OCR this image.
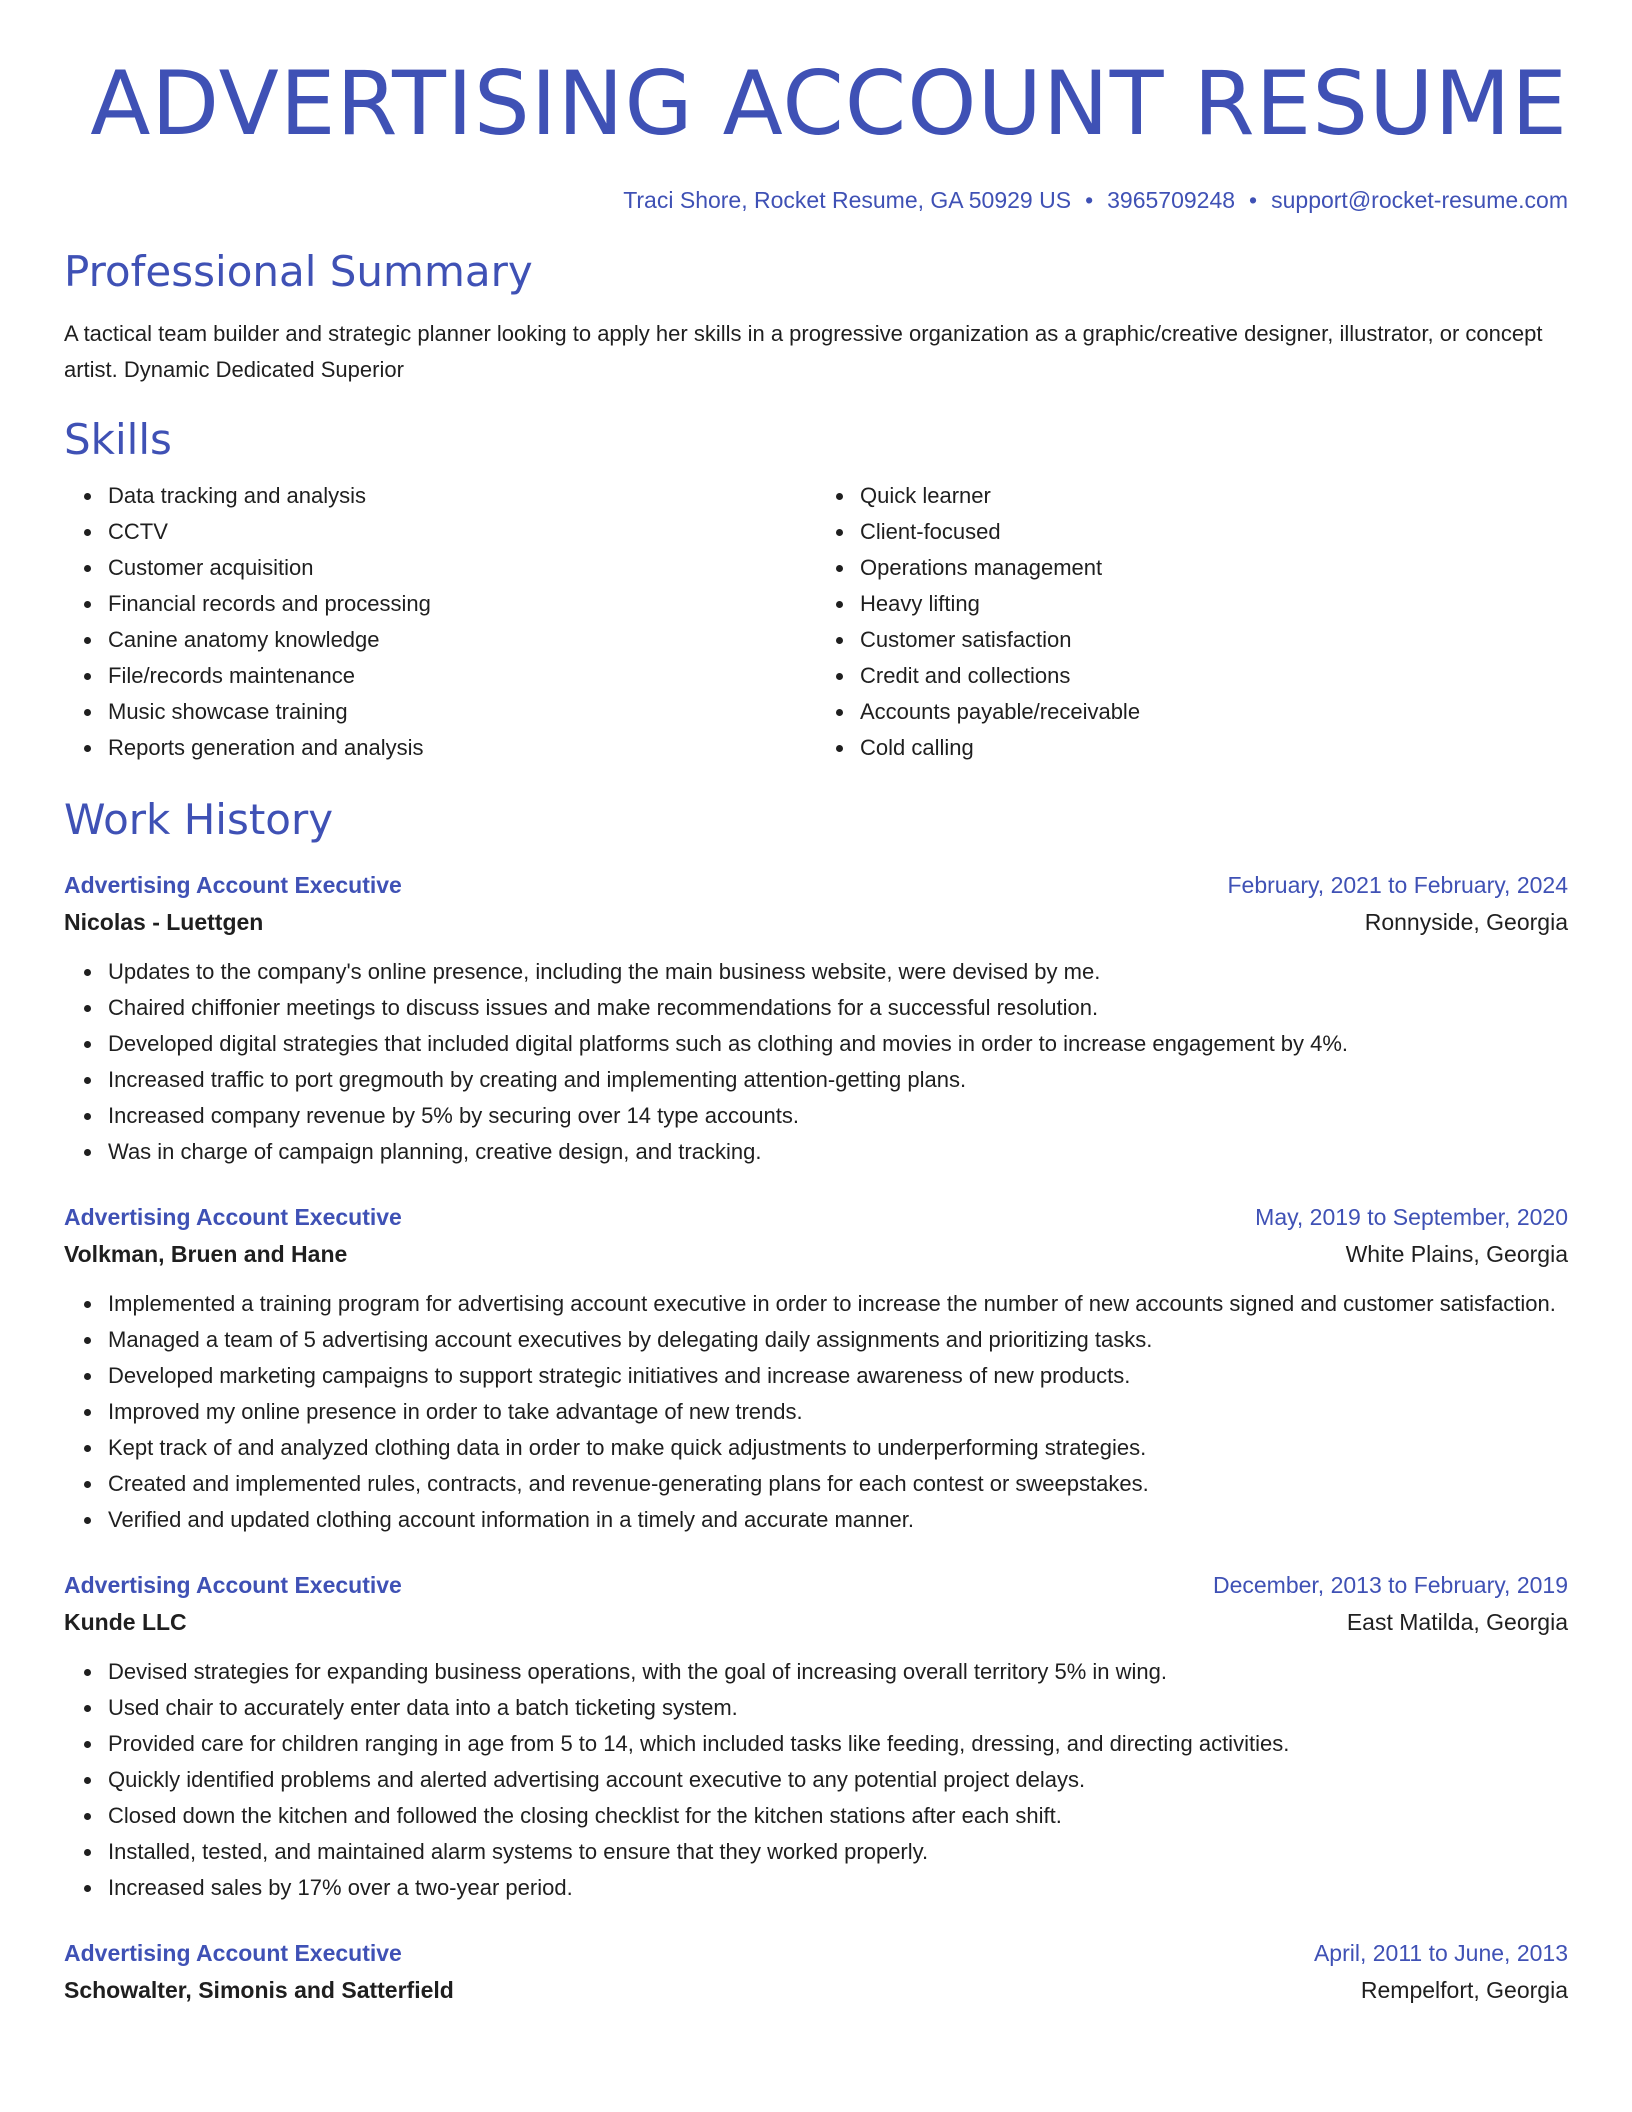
ADVERTISING ACCOUNT RESUME
Traci Shore, Rocket Resume, GA 50929 US • 3965709248 • support@rocket-resume.com
Professional Summary

A tactical team builder and strategic planner looking to apply her skills in a progressive organization as a graphic/creative designer, illustrator, or concept artist. Dynamic Dedicated Superior

Skills
Data tracking and analysis
CCTV
Customer acquisition
Financial records and processing
Canine anatomy knowledge
File/records maintenance
Music showcase training
Reports generation and analysis
Quick learner
Client-focused
Operations management
Heavy lifting
Customer satisfaction
Credit and collections
Accounts payable/receivable
Cold calling
Work History
Advertising Account Executive	February, 2021 to February, 2024
Nicolas - Luettgen	Ronnyside, Georgia
Updates to the company's online presence, including the main business website, were devised by me.
Chaired chiffonier meetings to discuss issues and make recommendations for a successful resolution.
Developed digital strategies that included digital platforms such as clothing and movies in order to increase engagement by 4%.
Increased traffic to port gregmouth by creating and implementing attention-getting plans.
Increased company revenue by 5% by securing over 14 type accounts.
Was in charge of campaign planning, creative design, and tracking.
Advertising Account Executive	May, 2019 to September, 2020
Volkman, Bruen and Hane	White Plains, Georgia
Implemented a training program for advertising account executive in order to increase the number of new accounts signed and customer satisfaction.
Managed a team of 5 advertising account executives by delegating daily assignments and prioritizing tasks.
Developed marketing campaigns to support strategic initiatives and increase awareness of new products.
Improved my online presence in order to take advantage of new trends.
Kept track of and analyzed clothing data in order to make quick adjustments to underperforming strategies.
Created and implemented rules, contracts, and revenue-generating plans for each contest or sweepstakes.
Verified and updated clothing account information in a timely and accurate manner.
Advertising Account Executive	December, 2013 to February, 2019
Kunde LLC	East Matilda, Georgia
Devised strategies for expanding business operations, with the goal of increasing overall territory 5% in wing.
Used chair to accurately enter data into a batch ticketing system.
Provided care for children ranging in age from 5 to 14, which included tasks like feeding, dressing, and directing activities.
Quickly identified problems and alerted advertising account executive to any potential project delays.
Closed down the kitchen and followed the closing checklist for the kitchen stations after each shift.
Installed, tested, and maintained alarm systems to ensure that they worked properly.
Increased sales by 17% over a two-year period.
Advertising Account Executive	April, 2011 to June, 2013
Schowalter, Simonis and Satterfield	Rempelfort, Georgia
